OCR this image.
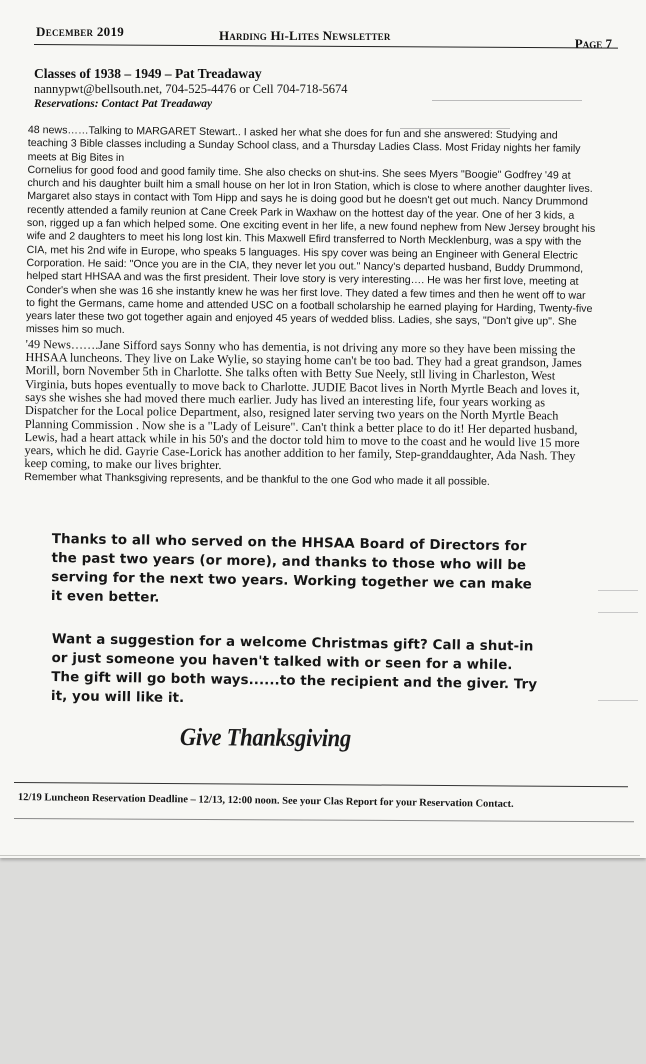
December 2019	Harding Hi-Lites Newsletter
Page 7
Classes of 1938 – 1949 – Pat Treadaway
nannypwt@bellsouth.net, 704-525-4476 or Cell 704-718-5674
Reservations: Contact Pat Treadaway

48 news……Talking to MARGARET Stewart.. I asked her what she does for fun and she answered: Studying and teaching 3 Bible classes including a Sunday School class, and a Thursday Ladies Class. Most Friday nights her family meets at Big Bites in

Cornelius for good food and good family time. She also checks on shut-ins. She sees Myers "Boogie" Godfrey '49 at church and his daughter built him a small house on her lot in Iron Station, which is close to where another daughter lives. Margaret also stays in contact with Tom Hipp and says he is doing good but he doesn't get out much. Nancy Drummond recently attended a family reunion at Cane Creek Park in Waxhaw on the hottest day of the year. One of her 3 kids, a son, rigged up a fan which helped some. One exciting event in her life, a new found nephew from New Jersey brought his wife and 2 daughters to meet his long lost kin. This Maxwell Efird transferred to North Mecklenburg, was a spy with the CIA, met his 2nd wife in Europe, who speaks 5 languages. His spy cover was being an Engineer with General Electric Corporation. He said: "Once you are in the CIA, they never let you out." Nancy's departed husband, Buddy Drummond, helped start HHSAA and was the first president. Their love story is very interesting…. He was her first love, meeting at Conder's when she was 16 she instantly knew he was her first love. They dated a few times and then he went off to war to fight the Germans, came home and attended USC on a football scholarship he earned playing for Harding, Twenty-five years later these two got together again and enjoyed 45 years of wedded bliss. Ladies, she says, "Don't give up". She misses him so much.

'49 News…….Jane Sifford says Sonny who has dementia, is not driving any more so they have been missing the HHSAA luncheons. They live on Lake Wylie, so staying home can't be too bad. They had a great grandson, James Morill, born November 5th in Charlotte. She talks often with Betty Sue Neely, stll living in Charleston, West Virginia, buts hopes eventually to move back to Charlotte. JUDIE Bacot lives in North Myrtle Beach and loves it, says she wishes she had moved there much earlier. Judy has lived an interesting life, four years working as Dispatcher for the Local police Department, also, resigned later serving two years on the North Myrtle Beach Planning Commission . Now she is a "Lady of Leisure". Can't think a better place to do it! Her departed husband, Lewis, had a heart attack while in his 50's and the doctor told him to move to the coast and he would live 15 more years, which he did. Gayrie Case-Lorick has another addition to her family, Step-granddaughter, Ada Nash. They keep coming, to make our lives brighter.

Remember what Thanksgiving represents, and be thankful to the one God who made it all possible.

Thanks to all who served on the HHSAA Board of Directors for the past two years (or more), and thanks to those who will be serving for the next two years. Working together we can make it even better.
Want a suggestion for a welcome Christmas gift? Call a shut-in or just someone you haven't talked with or seen for a while. The gift will go both ways......to the recipient and the giver. Try it, you will like it.
Give Thanksgiving
12/19 Luncheon Reservation Deadline – 12/13, 12:00 noon. See your Clas Report for your Reservation Contact.
